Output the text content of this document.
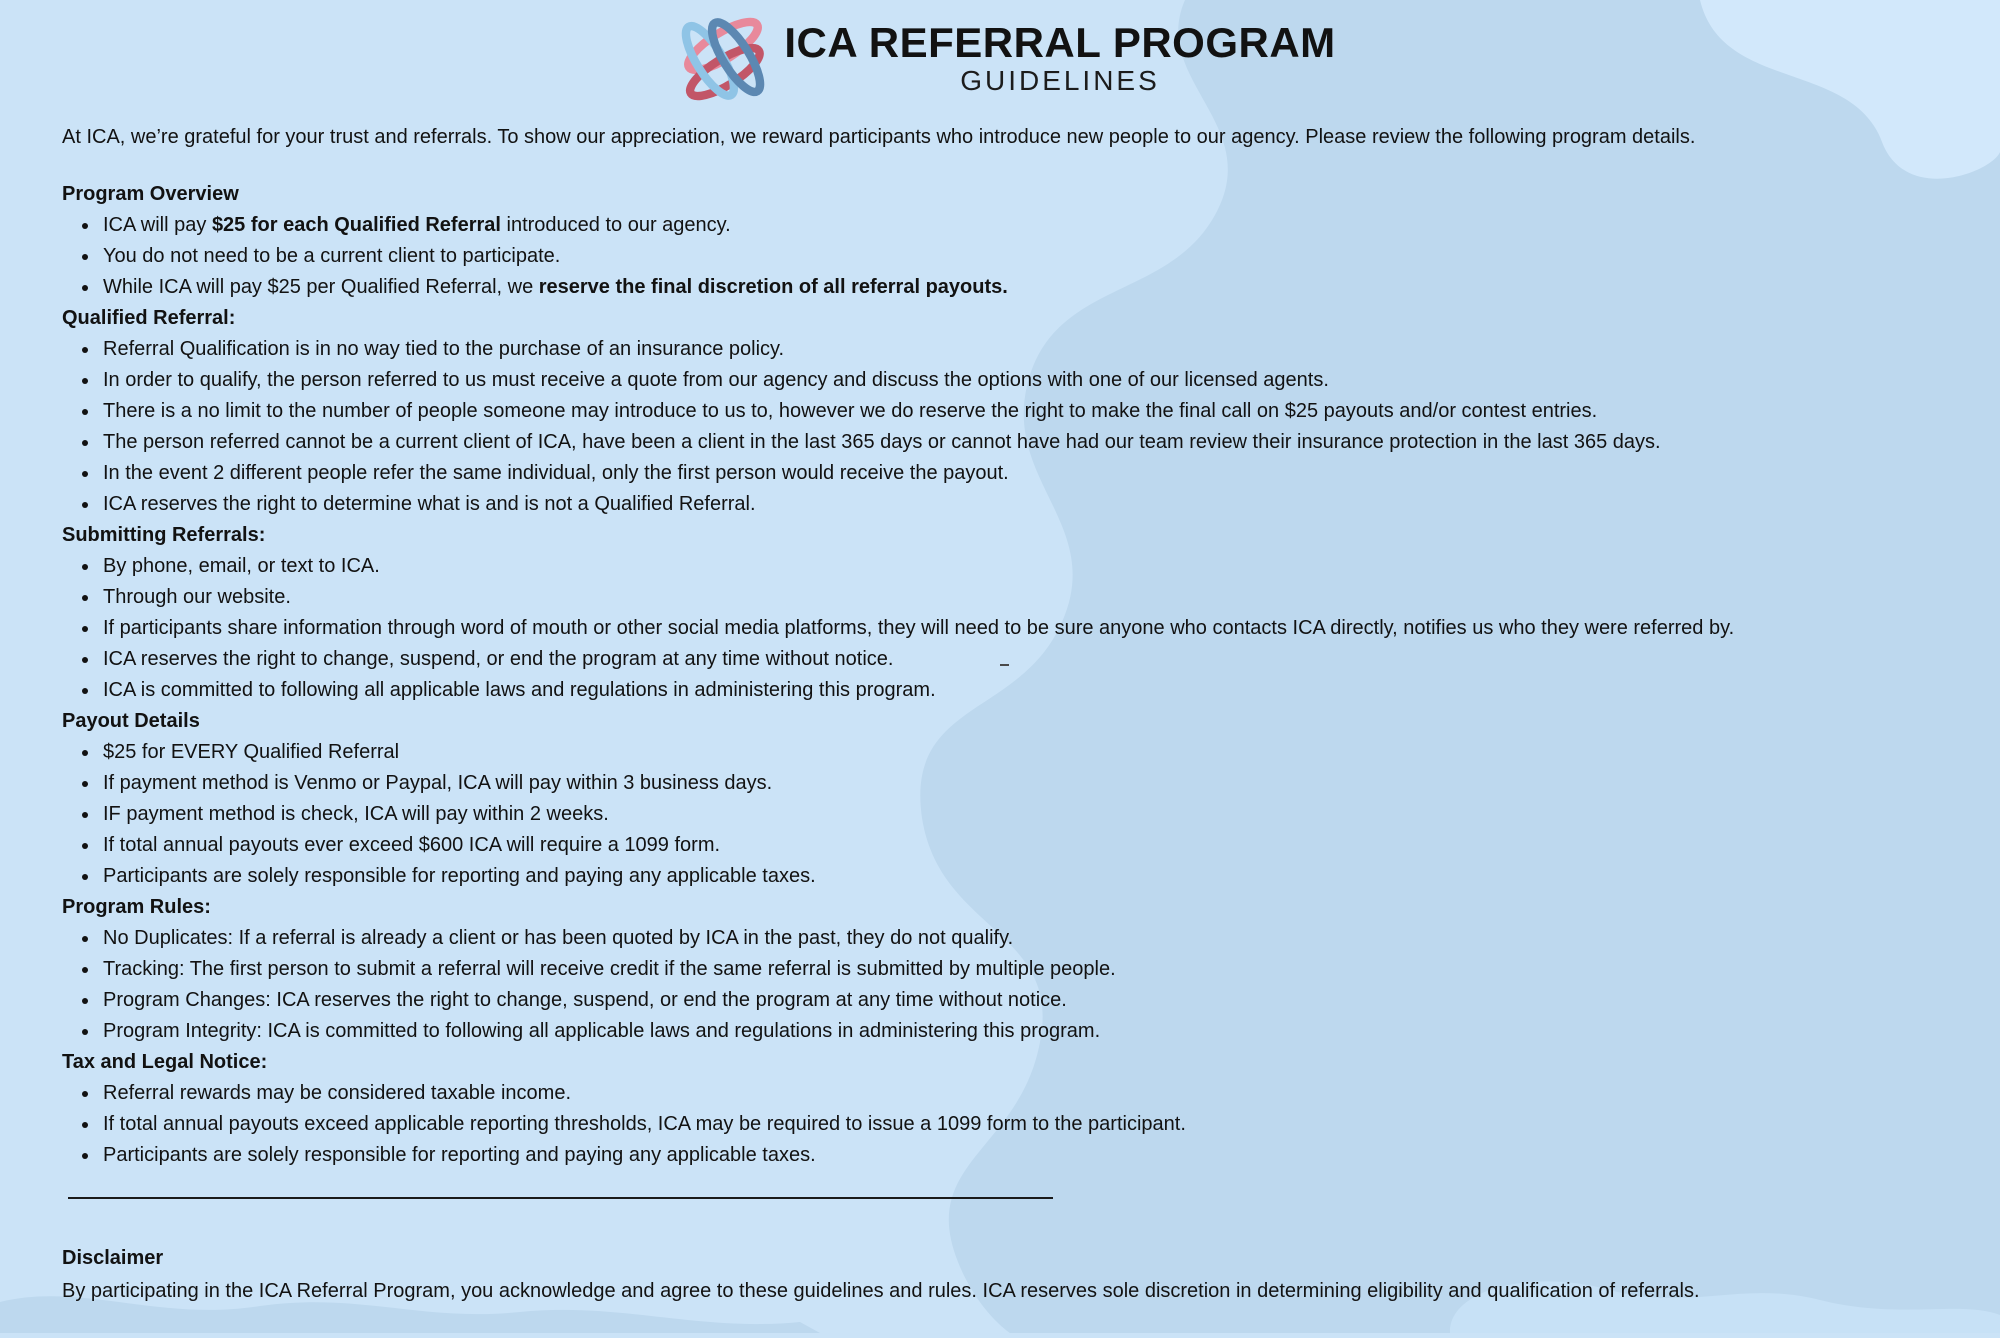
ICA REFERRAL PROGRAM
GUIDELINES

At ICA, we’re grateful for your trust and referrals. To show our appreciation, we reward participants who introduce new people to our agency. Please review the following program details.

Program Overview
• ICA will pay $25 for each Qualified Referral introduced to our agency.
• You do not need to be a current client to participate.
• While ICA will pay $25 per Qualified Referral, we reserve the final discretion of all referral payouts.
Qualified Referral:
• Referral Qualification is in no way tied to the purchase of an insurance policy.
• In order to qualify, the person referred to us must receive a quote from our agency and discuss the options with one of our licensed agents.
• There is a no limit to the number of people someone may introduce to us to, however we do reserve the right to make the final call on $25 payouts and/or contest entries.
• The person referred cannot be a current client of ICA, have been a client in the last 365 days or cannot have had our team review their insurance protection in the last 365 days.
• In the event 2 different people refer the same individual, only the first person would receive the payout.
• ICA reserves the right to determine what is and is not a Qualified Referral.
Submitting Referrals:
• By phone, email, or text to ICA.
• Through our website.
• If participants share information through word of mouth or other social media platforms, they will need to be sure anyone who contacts ICA directly, notifies us who they were referred by.
• ICA reserves the right to change, suspend, or end the program at any time without notice.
• ICA is committed to following all applicable laws and regulations in administering this program.
Payout Details
• $25 for EVERY Qualified Referral
• If payment method is Venmo or Paypal, ICA will pay within 3 business days.
• IF payment method is check, ICA will pay within 2 weeks.
• If total annual payouts ever exceed $600 ICA will require a 1099 form.
• Participants are solely responsible for reporting and paying any applicable taxes.
Program Rules:
• No Duplicates: If a referral is already a client or has been quoted by ICA in the past, they do not qualify.
• Tracking: The first person to submit a referral will receive credit if the same referral is submitted by multiple people.
• Program Changes: ICA reserves the right to change, suspend, or end the program at any time without notice.
• Program Integrity: ICA is committed to following all applicable laws and regulations in administering this program.
Tax and Legal Notice:
• Referral rewards may be considered taxable income.
• If total annual payouts exceed applicable reporting thresholds, ICA may be required to issue a 1099 form to the participant.
• Participants are solely responsible for reporting and paying any applicable taxes.
Disclaimer

By participating in the ICA Referral Program, you acknowledge and agree to these guidelines and rules. ICA reserves sole discretion in determining eligibility and qualification of referrals.
